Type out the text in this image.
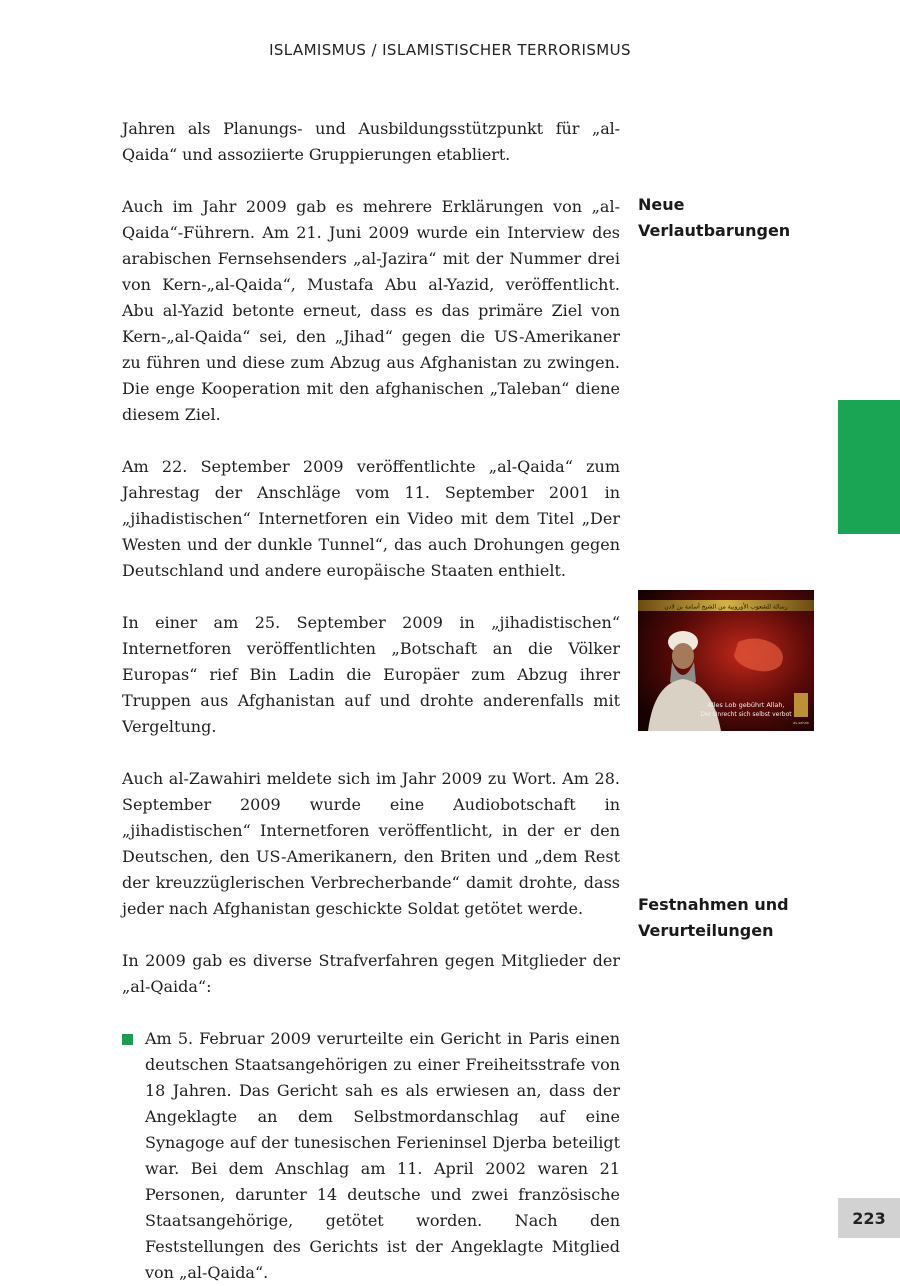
ISLAMISMUS / ISLAMISTISCHER TERRORISMUS

Jahren als Planungs- und Ausbildungsstützpunkt für „al-Qaida“ und assoziierte Gruppierungen etabliert.

Auch im Jahr 2009 gab es mehrere Erklärungen von „al-Qaida“-Führern. Am 21. Juni 2009 wurde ein Interview des arabischen Fernsehsenders „al-Jazira“ mit der Nummer drei von Kern-„al-Qaida“, Mustafa Abu al-Yazid, veröffentlicht. Abu al-Yazid betonte erneut, dass es das primäre Ziel von Kern-„al-Qaida“ sei, den „Jihad“ gegen die US-Amerikaner zu führen und diese zum Abzug aus Afghanistan zu zwingen. Die enge Kooperation mit den afghanischen „Taleban“ diene diesem Ziel.

Am 22. September 2009 veröffentlichte „al-Qaida“ zum Jahrestag der Anschläge vom 11. September 2001 in „jihadistischen“ Internetforen ein Video mit dem Titel „Der Westen und der dunkle Tunnel“, das auch Drohungen gegen Deutschland und andere europäische Staaten enthielt.

In einer am 25. September 2009 in „jihadistischen“ Internetforen veröffentlichten „Botschaft an die Völker Europas“ rief Bin Ladin die Europäer zum Abzug ihrer Truppen aus Afghanistan auf und drohte anderenfalls mit Vergeltung.

Auch al-Zawahiri meldete sich im Jahr 2009 zu Wort. Am 28. September 2009 wurde eine Audiobotschaft in „jihadistischen“ Internetforen veröffentlicht, in der er den Deutschen, den US-Amerikanern, den Briten und „dem Rest der kreuzzüglerischen Verbrecherbande“ damit drohte, dass jeder nach Afghanistan geschickte Soldat getötet werde.

In 2009 gab es diverse Strafverfahren gegen Mitglieder der „al-Qaida“:

Am 5. Februar 2009 verurteilte ein Gericht in Paris einen deutschen Staatsangehörigen zu einer Freiheitsstrafe von 18 Jahren. Das Gericht sah es als erwiesen an, dass der Angeklagte an dem Selbstmordanschlag auf eine Synagoge auf der tunesischen Ferieninsel Djerba beteiligt war. Bei dem Anschlag am 11. April 2002 waren 21 Personen, darunter 14 deutsche und zwei französische Staatsangehörige, getötet worden. Nach den Feststellungen des Gerichts ist der Angeklagte Mitglied von „al-Qaida“.
Neue
Verlautbarungen
Festnahmen und
Verurteilungen
رسالة للشعوب الأوروبية من الشيخ أسامة بن لادن
Alles Lob gebührt Allah,
Der Unrecht sich selbst verbot
as-sahab
223
